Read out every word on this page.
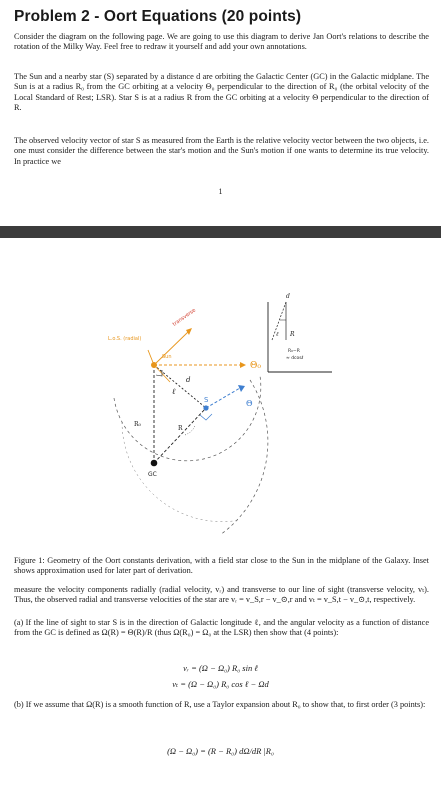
Problem 2 - Oort Equations (20 points)
Consider the diagram on the following page. We are going to use this diagram to derive Jan Oort's relations to describe the rotation of the Milky Way. Feel free to redraw it yourself and add your own annotations.
The Sun and a nearby star (S) separated by a distance d are orbiting the Galactic Center (GC) in the Galactic midplane. The Sun is at a radius R₀ from the GC orbiting at a velocity Θ₀ perpendicular to the direction of R₀ (the orbital velocity of the Local Standard of Rest; LSR). Star S is at a radius R from the GC orbiting at a velocity Θ perpendicular to the direction of R.
The observed velocity vector of star S as measured from the Earth is the relative velocity vector between the two objects, i.e. one must consider the difference between the star's motion and the Sun's motion if one wants to determine its true velocity. In practice we
1
transverse
L.o.S. (radial)
Sun
Θ₀
d
ℓ
S	Θ
R₀
R
GC
d
ℓ R
R₀−R
≈ dcosℓ
Figure 1: Geometry of the Oort constants derivation, with a field star close to the Sun in the midplane of the Galaxy. Inset shows approximation used for later part of derivation.
measure the velocity components radially (radial velocity, vᵣ) and transverse to our line of sight (transverse velocity, vₜ). Thus, the observed radial and transverse velocities of the star are vᵣ = v_S,r − v_⊙,r and vₜ = v_S,t − v_⊙,t, respectively.
(a) If the line of sight to star S is in the direction of Galactic longitude ℓ, and the angular velocity as a function of distance from the GC is defined as Ω(R) = Θ(R)/R (thus Ω(R₀) = Ω₀ at the LSR) then show that (4 points):
vᵣ = (Ω − Ω₀) R₀ sin ℓ
vₜ = (Ω − Ω₀) R₀ cos ℓ − Ωd
(b) If we assume that Ω(R) is a smooth function of R, use a Taylor expansion about R₀ to show that, to first order (3 points):
(Ω − Ω₀) = (R − R₀) dΩ/dR |R₀
